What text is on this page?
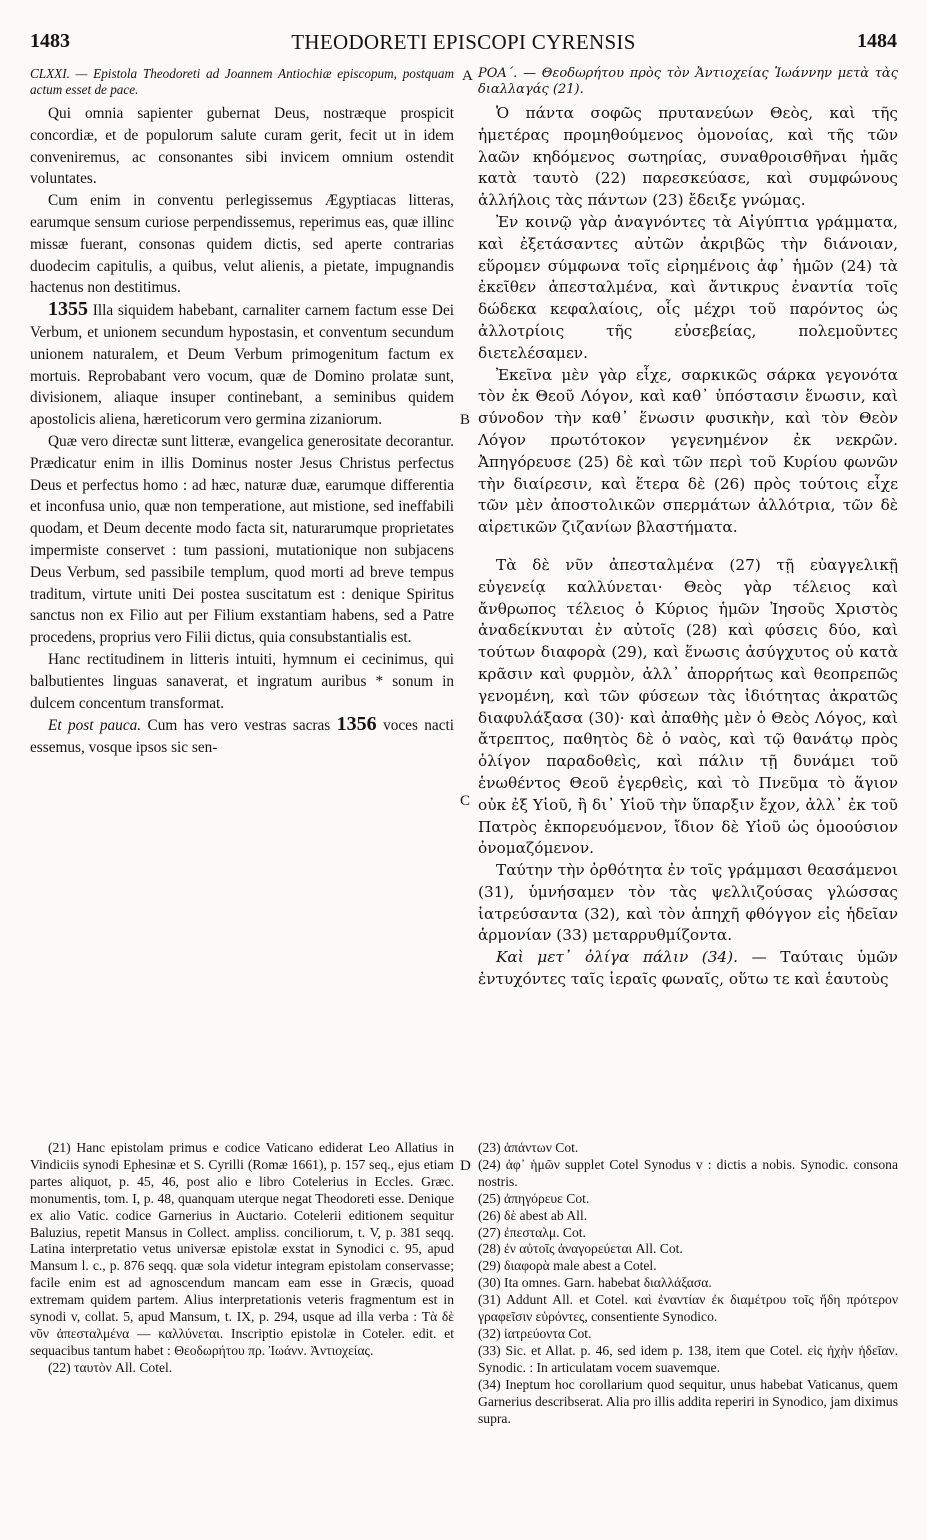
1483	THEODORETI EPISCOPI CYRENSIS	1484
A
B
C
D

CLXXI. — Epistola Theodoreti ad Joannem Antiochiæ episcopum, postquam actum esset de pace.

Qui omnia sapienter gubernat Deus, nostræque prospicit concordiæ, et de populorum salute curam gerit, fecit ut in idem conveniremus, ac consonantes sibi invicem omnium ostendit voluntates.

Cum enim in conventu perlegissemus Ægyptiacas litteras, earumque sensum curiose perpendissemus, reperimus eas, quæ illinc missæ fuerant, consonas quidem dictis, sed aperte contrarias duodecim capitulis, a quibus, velut alienis, a pietate, impugnandis hactenus non destitimus.

1355 Illa siquidem habebant, carnaliter carnem factum esse Dei Verbum, et unionem secundum hypostasin, et conventum secundum unionem naturalem, et Deum Verbum primogenitum factum ex mortuis. Reprobabant vero vocum, quæ de Domino prolatæ sunt, divisionem, aliaque insuper continebant, a seminibus quidem apostolicis aliena, hæreticorum vero germina zizaniorum.

Quæ vero directæ sunt litteræ, evangelica generositate decorantur. Prædicatur enim in illis Dominus noster Jesus Christus perfectus Deus et perfectus homo : ad hæc, naturæ duæ, earumque differentia et inconfusa unio, quæ non temperatione, aut mistione, sed ineffabili quodam, et Deum decente modo facta sit, naturarumque proprietates impermiste conservet : tum passioni, mutationique non subjacens Deus Verbum, sed passibile templum, quod morti ad breve tempus traditum, virtute uniti Dei postea suscitatum est : denique Spiritus sanctus non ex Filio aut per Filium exstantiam habens, sed a Patre procedens, proprius vero Filii dictus, quia consubstantialis est.

Hanc rectitudinem in litteris intuiti, hymnum ei cecinimus, qui balbutientes linguas sanaverat, et ingratum auribus * sonum in dulcem concentum transformat.

Et post pauca. Cum has vero vestras sacras 1356 voces nacti essemus, vosque ipsos sic sen-

ΡΟΑ΄. — Θεοδωρήτου πρὸς τὸν Ἀντιοχείας Ἰωάννην μετὰ τὰς διαλλαγάς (21).

Ὁ πάντα σοφῶς πρυτανεύων Θεὸς, καὶ τῆς ἡμετέρας προμηθούμενος ὁμονοίας, καὶ τῆς τῶν λαῶν κηδόμενος σωτηρίας, συναθροισθῆναι ἡμᾶς κατὰ ταυτὸ (22) παρεσκεύασε, καὶ συμφώνους ἀλλήλοις τὰς πάντων (23) ἔδειξε γνώμας.

Ἐν κοινῷ γὰρ ἀναγνόντες τὰ Αἰγύπτια γράμματα, καὶ ἐξετάσαντες αὐτῶν ἀκριβῶς τὴν διάνοιαν, εὕρομεν σύμφωνα τοῖς εἰρημένοις ἀφ᾽ ἡμῶν (24) τὰ ἐκεῖθεν ἀπεσταλμένα, καὶ ἄντικρυς ἐναντία τοῖς δώδεκα κεφαλαίοις, οἷς μέχρι τοῦ παρόντος ὡς ἀλλοτρίοις τῆς εὐσεβείας, πολεμοῦντες διετελέσαμεν.

Ἐκεῖνα μὲν γὰρ εἶχε, σαρκικῶς σάρκα γεγονότα τὸν ἐκ Θεοῦ Λόγον, καὶ καθ᾽ ὑπόστασιν ἕνωσιν, καὶ σύνοδον τὴν καθ᾽ ἕνωσιν φυσικὴν, καὶ τὸν Θεὸν Λόγον πρωτότοκον γεγενημένον ἐκ νεκρῶν. Ἀπηγόρευσε (25) δὲ καὶ τῶν περὶ τοῦ Κυρίου φωνῶν τὴν διαίρεσιν, καὶ ἕτερα δὲ (26) πρὸς τούτοις εἶχε τῶν μὲν ἀποστολικῶν σπερμάτων ἀλλότρια, τῶν δὲ αἱρετικῶν ζιζανίων βλαστήματα.

Τὰ δὲ νῦν ἀπεσταλμένα (27) τῇ εὐαγγελικῇ εὐγενείᾳ καλλύνεται· Θεὸς γὰρ τέλειος καὶ ἄνθρωπος τέλειος ὁ Κύριος ἡμῶν Ἰησοῦς Χριστὸς ἀναδείκνυται ἐν αὐτοῖς (28) καὶ φύσεις δύο, καὶ τούτων διαφορὰ (29), καὶ ἕνωσις ἀσύγχυτος οὐ κατὰ κρᾶσιν καὶ φυρμὸν, ἀλλ᾽ ἀπορρήτως καὶ θεοπρεπῶς γενομένη, καὶ τῶν φύσεων τὰς ἰδιότητας ἀκρατῶς διαφυλάξασα (30)· καὶ ἀπαθὴς μὲν ὁ Θεὸς Λόγος, καὶ ἄτρεπτος, παθητὸς δὲ ὁ ναὸς, καὶ τῷ θανάτῳ πρὸς ὀλίγον παραδοθεὶς, καὶ πάλιν τῇ δυνάμει τοῦ ἑνωθέντος Θεοῦ ἐγερθεὶς, καὶ τὸ Πνεῦμα τὸ ἅγιον οὐκ ἐξ Υἱοῦ, ἢ δι᾽ Υἱοῦ τὴν ὕπαρξιν ἔχον, ἀλλ᾽ ἐκ τοῦ Πατρὸς ἐκπορευόμενον, ἴδιον δὲ Υἱοῦ ὡς ὁμοούσιον ὀνομαζόμενον.

Ταύτην τὴν ὀρθότητα ἐν τοῖς γράμμασι θεασάμενοι (31), ὑμνήσαμεν τὸν τὰς ψελλιζούσας γλώσσας ἰατρεύσαντα (32), καὶ τὸν ἀπηχῆ φθόγγον εἰς ἡδεῖαν ἁρμονίαν (33) μεταρρυθμίζοντα.

Καὶ μετ᾽ ὀλίγα πάλιν (34). — Ταύταις ὑμῶν ἐντυχόντες ταῖς ἱεραῖς φωναῖς, οὕτω τε καὶ ἑαυτοὺς

(21) Hanc epistolam primus e codice Vaticano ediderat Leo Allatius in Vindiciis synodi Ephesinæ et S. Cyrilli (Romæ 1661), p. 157 seq., ejus etiam partes aliquot, p. 45, 46, post alio e libro Cotelerius in Eccles. Græc. monumentis, tom. I, p. 48, quanquam uterque negat Theodoreti esse. Denique ex alio Vatic. codice Garnerius in Auctario. Cotelerii editionem sequitur Baluzius, repetit Mansus in Collect. ampliss. conciliorum, t. V, p. 381 seqq. Latina interpretatio vetus universæ epistolæ exstat in Synodici c. 95, apud Mansum l. c., p. 876 seqq. quæ sola videtur integram epistolam conservasse; facile enim est ad agnoscendum mancam eam esse in Græcis, quoad extremam quidem partem. Alius interpretationis veteris fragmentum est in synodi v, collat. 5, apud Mansum, t. IX, p. 294, usque ad illa verba : Τὰ δὲ νῦν ἀπεσταλμένα — καλλύνεται. Inscriptio epistolæ in Coteler. edit. et sequacibus tantum habet : Θεοδωρήτου πρ. Ἰωάνν. Ἀντιοχείας.

(22) ταυτὸν All. Cotel.

(23) ἁπάντων Cot.

(24) ἀφ᾽ ἡμῶν supplet Cotel Synodus v : dictis a nobis. Synodic. consona nostris.

(25) ἀπηγόρευε Cot.

(26) δὲ abest ab All.

(27) ἐπεσταλμ. Cot.

(28) ἐν αὐτοῖς ἀναγορεύεται All. Cot.

(29) διαφορὰ male abest a Cotel.

(30) Ita omnes. Garn. habebat διαλλάξασα.

(31) Addunt All. et Cotel. καὶ ἐναντίαν ἐκ διαμέτρου τοῖς ἤδη πρότερον γραφεῖσιν εὑρόντες, consentiente Synodico.

(32) ἰατρεύοντα Cot.

(33) Sic. et Allat. p. 46, sed idem p. 138, item que Cotel. εἰς ἠχὴν ἡδεῖαν. Synodic. : In articulatam vocem suavemque.

(34) Ineptum hoc corollarium quod sequitur, unus habebat Vaticanus, quem Garnerius describserat. Alia pro illis addita reperiri in Synodico, jam diximus supra.
